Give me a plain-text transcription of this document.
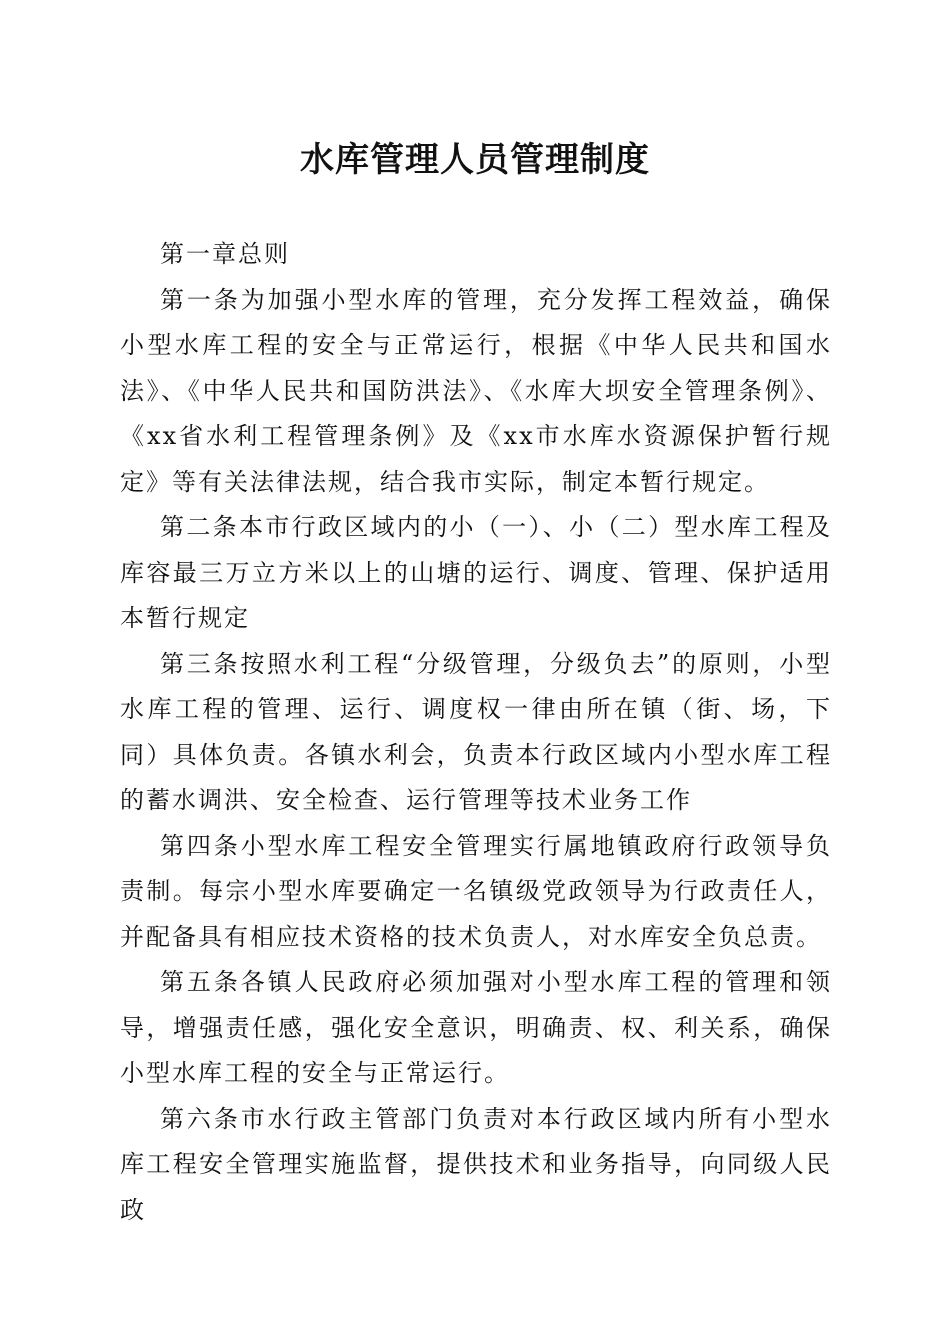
水库管理人员管理制度

第一章总则

第一条为加强小型水库的管理，充分发挥工程效益，确保小型水库工程的安全与正常运行，根据《中华人民共和国水法》、《中华人民共和国防洪法》、《水库大坝安全管理条例》、《xx省水利工程管理条例》及《xx市水库水资源保护暂行规定》等有关法律法规，结合我市实际，制定本暂行规定。

第二条本市行政区域内的小（一）、小（二）型水库工程及库容最三万立方米以上的山塘的运行、调度、管理、保护适用本暂行规定

第三条按照水利工程“分级管理，分级负去”的原则，小型水库工程的管理、运行、调度权一律由所在镇（街、场，下同）具体负责。各镇水利会，负责本行政区域内小型水库工程的蓄水调洪、安全检查、运行管理等技术业务工作

第四条小型水库工程安全管理实行属地镇政府行政领导负责制。每宗小型水库要确定一名镇级党政领导为行政责任人，并配备具有相应技术资格的技术负责人，对水库安全负总责。

第五条各镇人民政府必须加强对小型水库工程的管理和领导，增强责任感，强化安全意识，明确责、权、利关系，确保小型水库工程的安全与正常运行。

第六条市水行政主管部门负责对本行政区域内所有小型水库工程安全管理实施监督，提供技术和业务指导，向同级人民政
